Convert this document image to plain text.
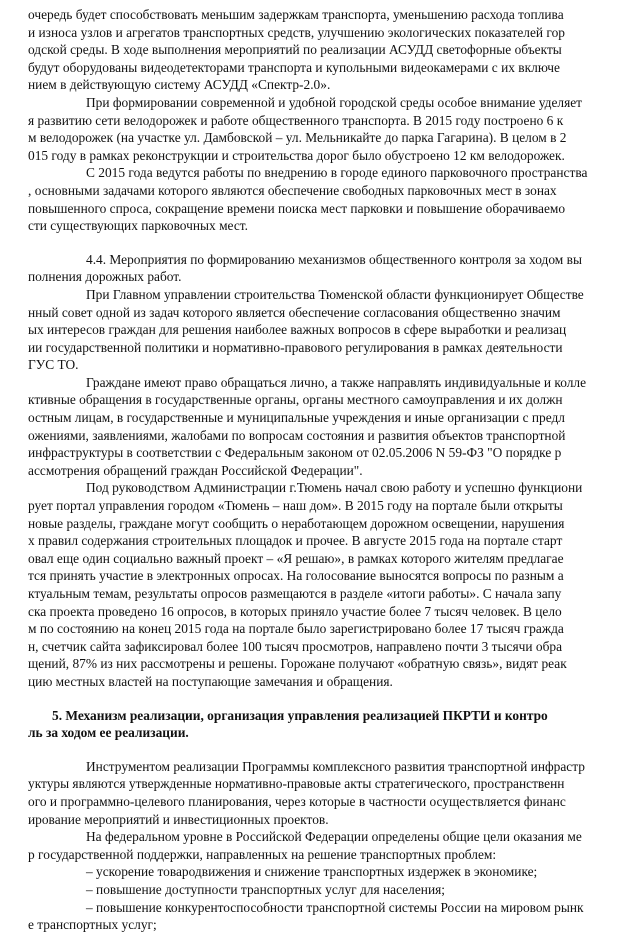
очередь будет способствовать меньшим задержкам транспорта, уменьшению расхода топлива
и износа узлов и агрегатов транспортных средств, улучшению экологических показателей гор
одской среды. В ходе выполнения мероприятий по реализации АСУДД светофорные объекты
будут оборудованы видеодетекторами транспорта и купольными видеокамерами с их включе
нием в действующую систему АСУДД «Спектр-2.0».
При формировании современной и удобной городской среды особое внимание уделяет
я развитию сети велодорожек и работе общественного транспорта. В 2015 году построено 6 к
м велодорожек (на участке ул. Дамбовской – ул. Мельникайте до парка Гагарина). В целом в 2
015 году в рамках реконструкции и строительства дорог было обустроено 12 км велодорожек.
С 2015 года ведутся работы по внедрению в городе единого парковочного пространства
, основными задачами которого являются обеспечение свободных парковочных мест в зонах
повышенного спроса, сокращение времени поиска мест парковки и повышение оборачиваемо
сти существующих парковочных мест.
4.4. Мероприятия по формированию механизмов общественного контроля за ходом вы
полнения дорожных работ.
При Главном управлении строительства Тюменской области функционирует Обществе
нный совет одной из задач которого является обеспечение согласования общественно значим
ых интересов граждан для решения наиболее важных вопросов в сфере выработки и реализац
ии государственной политики и нормативно-правового регулирования в рамках деятельности
ГУС ТО.
Граждане имеют право обращаться лично, а также направлять индивидуальные и колле
ктивные обращения в государственные органы, органы местного самоуправления и их должн
остным лицам, в государственные и муниципальные учреждения и иные организации с предл
ожениями, заявлениями, жалобами по вопросам состояния и развития объектов транспортной
инфраструктуры в соответствии с Федеральным законом от 02.05.2006 N 59-ФЗ "О порядке р
ассмотрения обращений граждан Российской Федерации".
Под руководством Администрации г.Тюмень начал свою работу и успешно функциони
рует портал управления городом «Тюмень – наш дом». В 2015 году на портале были открыты
новые разделы, граждане могут сообщить о неработающем дорожном освещении, нарушения
х правил содержания строительных площадок и прочее. В августе 2015 года на портале старт
овал еще один социально важный проект – «Я решаю», в рамках которого жителям предлагае
тся принять участие в электронных опросах. На голосование выносятся вопросы по разным а
ктуальным темам, результаты опросов размещаются в разделе «итоги работы». С начала запу
ска проекта проведено 16 опросов, в которых приняло участие более 7 тысяч человек. В цело
м по состоянию на конец 2015 года на портале было зарегистрировано более 17 тысяч гражда
н, счетчик сайта зафиксировал более 100 тысяч просмотров, направлено почти 3 тысячи обра
щений, 87% из них рассмотрены и решены. Горожане получают «обратную связь», видят реак
цию местных властей на поступающие замечания и обращения.
5. Механизм реализации, организация управления реализацией ПКРТИ и контро
ль за ходом ее реализации.
Инструментом реализации Программы комплексного развития транспортной инфрастр
уктуры являются утвержденные нормативно-правовые акты стратегического, пространственн
ого и программно-целевого планирования, через которые в частности осуществляется финанс
ирование мероприятий и инвестиционных проектов.
На федеральном уровне в Российской Федерации определены общие цели оказания ме
р государственной поддержки, направленных на решение транспортных проблем:
– ускорение товародвижения и снижение транспортных издержек в экономике;
– повышение доступности транспортных услуг для населения;
– повышение конкурентоспособности транспортной системы России на мировом рынк
е транспортных услуг;
